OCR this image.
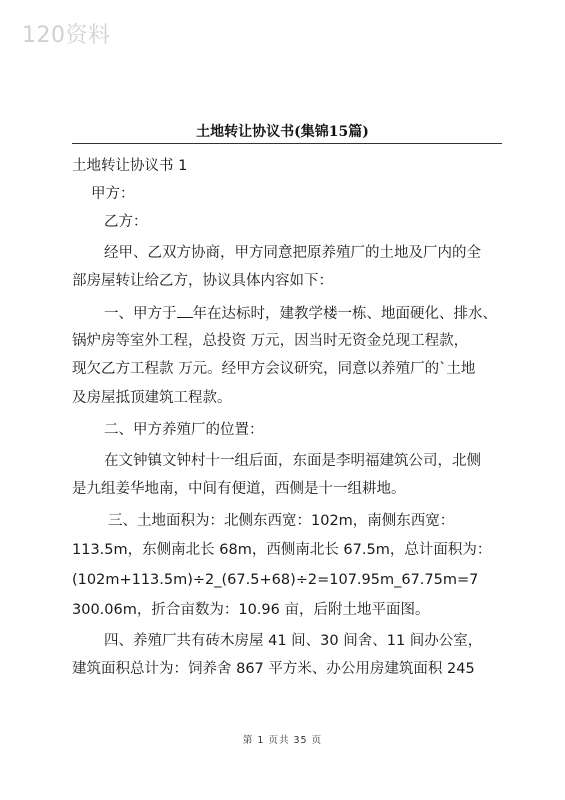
120资料
土地转让协议书(集锦15篇)
土地转让协议书 1
甲方：
乙方：
经甲、乙双方协商，甲方同意把原养殖厂的土地及厂内的全
部房屋转让给乙方，协议具体内容如下：
一、甲方于 年在达标时，建教学楼一栋、地面硬化、排水、
锅炉房等室外工程，总投资 万元，因当时无资金兑现工程款，
现欠乙方工程款 万元。经甲方会议研究，同意以养殖厂的`土地
及房屋抵顶建筑工程款。
二、甲方养殖厂的位置：
在文钟镇文钟村十一组后面，东面是李明福建筑公司，北侧
是九组姜华地南，中间有便道，西侧是十一组耕地。
三、土地面积为：北侧东西宽：102m，南侧东西宽：
113.5m，东侧南北长 68m，西侧南北长 67.5m，总计面积为：
(102m+113.5m)÷2_(67.5+68)÷2=107.95m_67.75m=7
300.06m，折合亩数为：10.96 亩，后附土地平面图。
四、养殖厂共有砖木房屋 41 间、30 间舍、11 间办公室，
建筑面积总计为：饲养舍 867 平方米、办公用房建筑面积 245
第 1 页共 35 页
